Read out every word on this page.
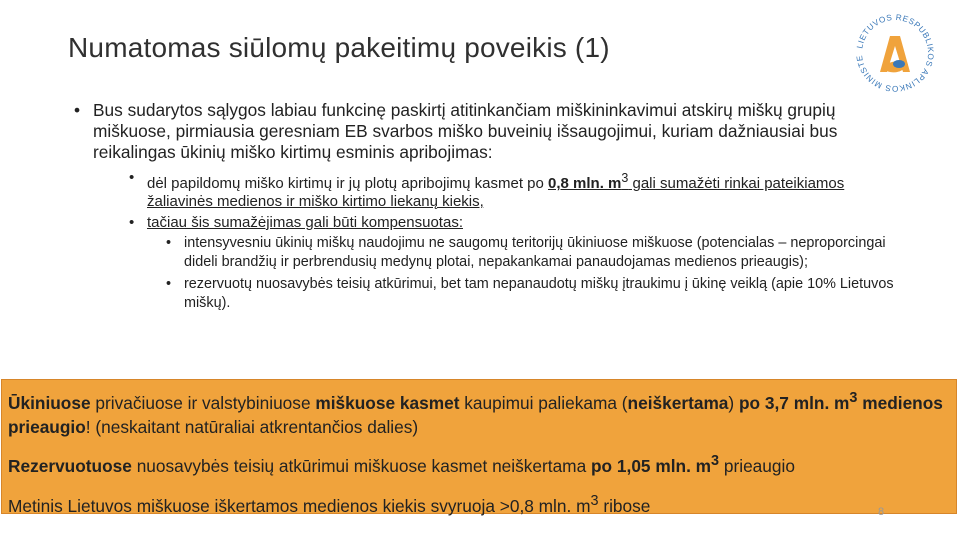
Numatomas siūlomų pakeitimų poveikis (1)	LIETUVOS RESPUBLIKOS APLINKOS MINISTE
• Bus sudarytos sąlygos labiau funkcinę paskirtį atitinkančiam miškininkavimui atskirų miškų grupių miškuose, pirmiausia geresniam EB svarbos miško buveinių išsaugojimui, kuriam dažniausiai bus reikalingas ūkinių miško kirtimų esminis apribojimas:
• dėl papildomų miško kirtimų ir jų plotų apribojimų kasmet po 0,8 mln. $m^3$ gali sumažėti rinkai pateikiamos žaliavinės medienos ir miško kirtimo liekanų kiekis,
• tačiau šis sumažėjimas gali būti kompensuotas:
• intensyvesniu ūkinių miškų naudojimu ne saugomų teritorijų ūkiniuose miškuose (potencialas – neproporcingai dideli brandžių ir perbrendusių medynų plotai, nepakankamai panaudojamas medienos prieaugis);
• rezervuotų nuosavybės teisių atkūrimui, bet tam nepanaudotų miškų įtraukimu į ūkinę veiklą (apie 10% Lietuvos miškų).

Ūkiniuose privačiuose ir valstybiniuose miškuose kasmet kaupimui paliekama (neiškertama) po 3,7 mln. $m^3$ medienos prieaugio! (neskaitant natūraliai atkrentančios dalies)

Rezervuotuose nuosavybės teisių atkūrimui miškuose kasmet neiškertama po 1,05 mln. $m^3$ prieaugio

Metinis Lietuvos miškuose iškertamos medienos kiekis svyruoja >0,8 mln. $m^3$ ribose	8
